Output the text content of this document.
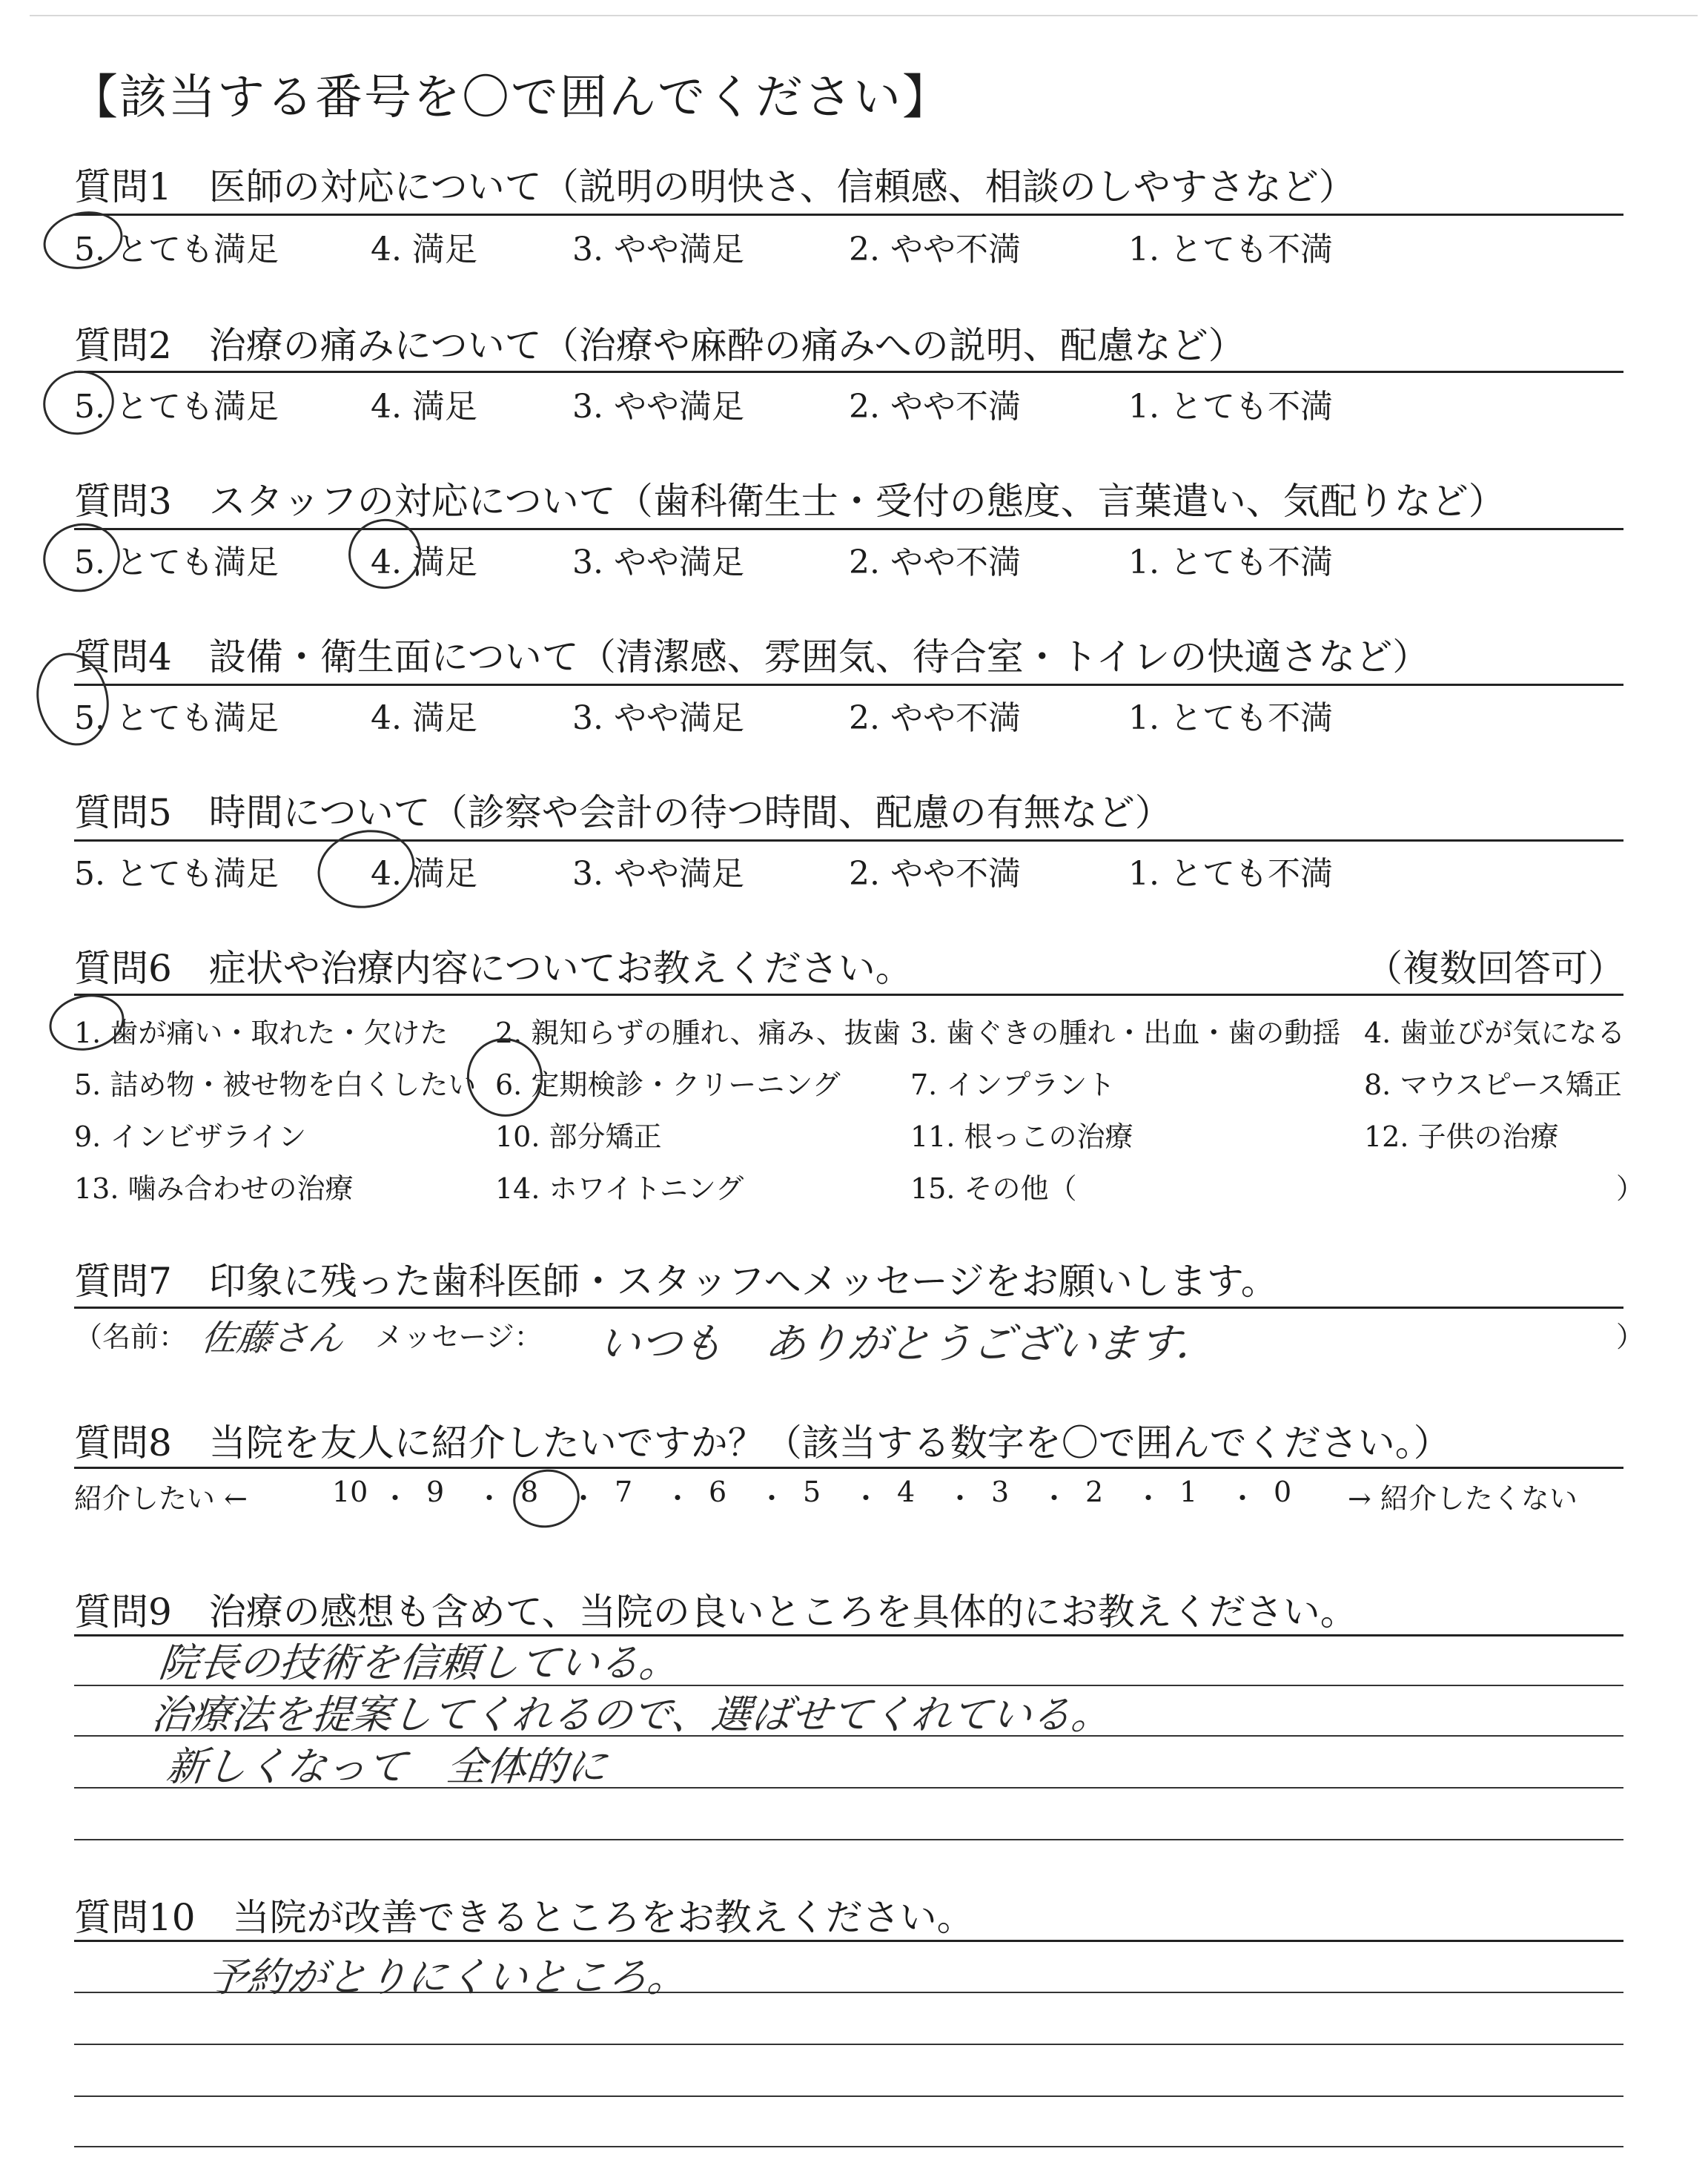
【該当する番号を〇で囲んでください】
質問1　医師の対応について（説明の明快さ、信頼感、相談のしやすさなど）
5. とても満足	4. 満足	3. やや満足	2. やや不満	1. とても不満
質問2　治療の痛みについて（治療や麻酔の痛みへの説明、配慮など）
5. とても満足	4. 満足	3. やや満足	2. やや不満	1. とても不満
質問3　スタッフの対応について（歯科衛生士・受付の態度、言葉遣い、気配りなど）
5. とても満足	4. 満足	3. やや満足	2. やや不満	1. とても不満
質問4　設備・衛生面について（清潔感、雰囲気、待合室・トイレの快適さなど）
5. とても満足	4. 満足	3. やや満足	2. やや不満	1. とても不満
質問5　時間について（診察や会計の待つ時間、配慮の有無など）
5. とても満足	4. 満足	3. やや満足	2. やや不満	1. とても不満
質問6　症状や治療内容についてお教えください。	（複数回答可）
1. 歯が痛い・取れた・欠けた 2. 親知らずの腫れ、痛み、抜歯 3. 歯ぐきの腫れ・出血・歯の動揺 4. 歯並びが気になる
5. 詰め物・被せ物を白くしたい 6. 定期検診・クリーニング 7. インプラント	8. マウスピース矯正
9. インビザライン	10. 部分矯正	11. 根っこの治療	12. 子供の治療
13. 噛み合わせの治療	14. ホワイトニング	15. その他（	）
質問7　印象に残った歯科医師・スタッフへメッセージをお願いします。
（名前： 佐藤さん メッセージ： いつも　ありがとうございます．	）
質問8　当院を友人に紹介したいですか？（該当する数字を〇で囲んでください。）
紹介したい ←	10 ・ 9 ・ 8 ・ 7 ・ 6 ・ 5 ・ 4 ・ 3 ・ 2 ・ 1 ・ 0 → 紹介したくない
質問9　治療の感想も含めて、当院の良いところを具体的にお教えください。
院長の技術を信頼している。
治療法を提案してくれるので、選ばせてくれている。
新しくなって　全体的に
質問10　当院が改善できるところをお教えください。
予約がとりにくいところ。
